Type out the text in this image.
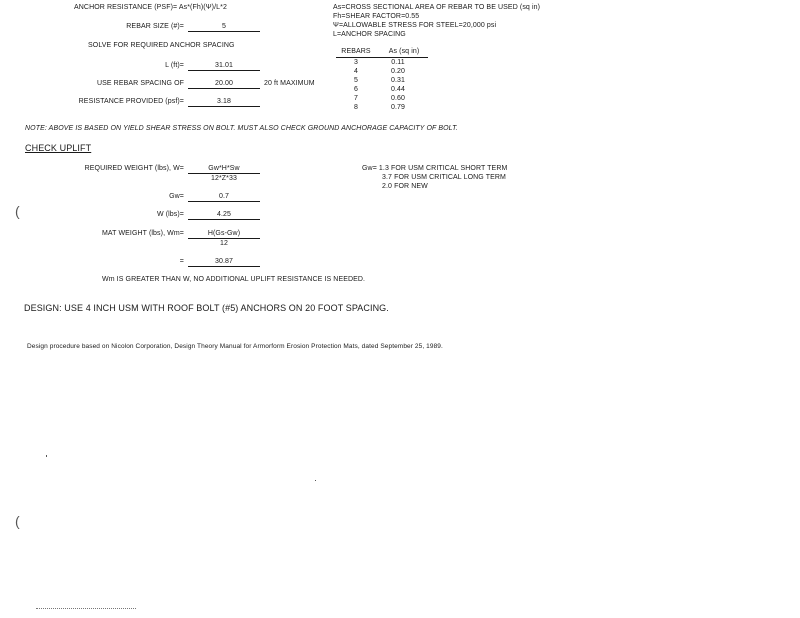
ANCHOR RESISTANCE (PSF)= As*(Fh)(Ψ)/L*2
REBAR SIZE (#)=	5
SOLVE FOR REQUIRED ANCHOR SPACING
L (ft)=	31.01
USE REBAR SPACING OF	20.00	20 ft MAXIMUM
RESISTANCE PROVIDED (psf)=	3.18
As=CROSS SECTIONAL AREA OF REBAR TO BE USED (sq in)
Fh=SHEAR FACTOR=0.55
Ψ=ALLOWABLE STRESS FOR STEEL=20,000 psi
L=ANCHOR SPACING
REBARS	As (sq in)
3	0.11
4	0.20
5	0.31
6	0.44
7	0.60
8	0.79
NOTE: ABOVE IS BASED ON YIELD SHEAR STRESS ON BOLT. MUST ALSO CHECK GROUND ANCHORAGE CAPACITY OF BOLT.
CHECK UPLIFT
REQUIRED WEIGHT (lbs), W=	Gw*H*Sw
12*Z*33
Gw=	0.7
W (lbs)=	4.25
MAT WEIGHT (lbs), Wm=	H(Gs-Gw)
12
=	30.87
Wm IS GREATER THAN W, NO ADDITIONAL UPLIFT RESISTANCE IS NEEDED.
Gw= 1.3 FOR USM CRITICAL SHORT TERM
3.7 FOR USM CRITICAL LONG TERM
2.0 FOR NEW
DESIGN: USE 4 INCH USM WITH ROOF BOLT (#5) ANCHORS ON 20 FOOT SPACING.
Design procedure based on Nicolon Corporation, Design Theory Manual for Armorform Erosion Protection Mats, dated September 25, 1989.
(
(
